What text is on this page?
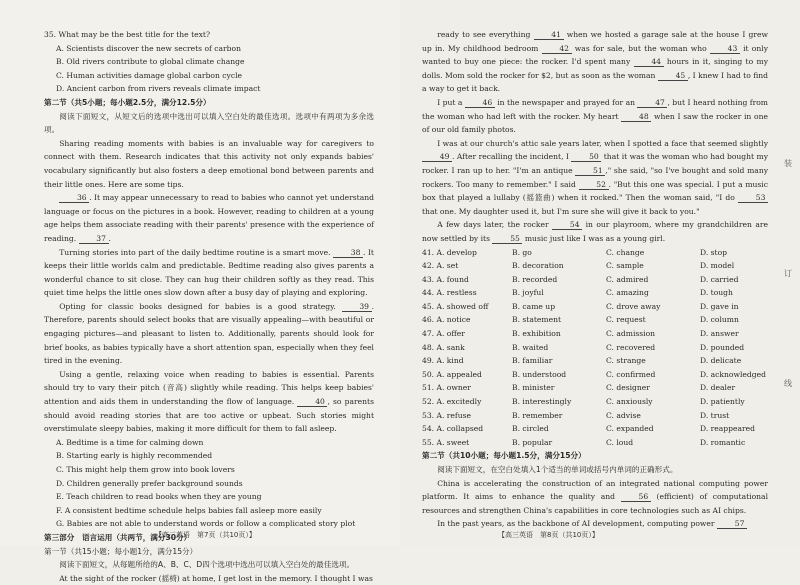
35. What may be the best title for the text?

A. Scientists discover the new secrets of carbon

B. Old rivers contribute to global climate change

C. Human activities damage global carbon cycle

D. Ancient carbon from rivers reveals climate impact

第二节（共5小题；每小题2.5分，满分12.5分）

阅读下面短文，从短文后的选项中选出可以填入空白处的最佳选项。选项中有两项为多余选项。

Sharing reading moments with babies is an invaluable way for caregivers to connect with them. Research indicates that this activity not only expands babies' vocabulary significantly but also fosters a deep emotional bond between parents and their little ones. Here are some tips.

36 . It may appear unnecessary to read to babies who cannot yet understand language or focus on the pictures in a book. However, reading to children at a young age helps them associate reading with their parents' presence with the experience of reading.	37 .

Turning stories into part of the daily bedtime routine is a smart move.	38 . It keeps their little worlds calm and predictable. Bedtime reading also gives parents a wonderful chance to sit close. They can hug their children softly as they read. This quiet time helps the little ones slow down after a busy day of playing and exploring.

Opting for classic books designed for babies is a good strategy.	39 . Therefore, parents should select books that are visually appealing—with beautiful or engaging pictures—and pleasant to listen to. Additionally, parents should look for brief books, as babies typically have a short attention span, especially when they feel tired in the evening.

Using a gentle, relaxing voice when reading to babies is essential. Parents should try to vary their pitch (音高) slightly while reading. This helps keep babies' attention and aids them in understanding the flow of language.	40 , so parents should avoid reading stories that are too active or upbeat. Such stories might overstimulate sleepy babies, making it more difficult for them to fall asleep.

A. Bedtime is a time for calming down

B. Starting early is highly recommended

C. This might help them grow into book lovers

D. Children generally prefer background sounds

E. Teach children to read books when they are young

F. A consistent bedtime schedule helps babies fall asleep more easily

G. Babies are not able to understand words or follow a complicated story plot

第三部分　语言运用（共两节，满分30分）

第一节（共15小题；每小题1分，满分15分）

阅读下面短文，从每题所给的A、B、C、D四个选项中选出可以填入空白处的最佳选项。

At the sight of the rocker (摇椅) at home, I get lost in the memory. I thought I was

【高三英语　第7页（共10页）】

ready to see everything 41 when we hosted a garage sale at the house I grew up in. My childhood bedroom 42 was for sale, but the woman who 43 it only wanted to buy one piece: the rocker. I'd spent many 44 hours in it, singing to my dolls. Mom sold the rocker for $2, but as soon as the woman 45 , I knew I had to find a way to get it back.

I put a 46 in the newspaper and prayed for an 47 , but I heard nothing from the woman who had left with the rocker. My heart 48 when I saw the rocker in one of our old family photos.

I was at our church's attic sale years later, when I spotted a face that seemed slightly 49 . After recalling the incident, I 50 that it was the woman who had bought my rocker. I ran up to her. "I'm an antique 51 ," she said, "so I've bought and sold many rockers. Too many to remember." I said 52 . "But this one was special. I put a music box that played a lullaby (摇篮曲) when it rocked." Then the woman said, "I do 53 that one. My daughter used it, but I'm sure she will give it back to you."

A few days later, the rocker 54 in our playroom, where my grandchildren are now settled by its 55 music just like I was as a young girl.

41. A. develop	B. go	C. change	D. stop
42. A. set	B. decoration	C. sample	D. model
43. A. found	B. recorded	C. admired	D. carried
44. A. restless	B. joyful	C. amazing	D. tough
45. A. showed off	B. came up	C. drove away	D. gave in
46. A. notice	B. statement	C. request	D. column
47. A. offer	B. exhibition	C. admission	D. answer
48. A. sank	B. waited	C. recovered	D. pounded
49. A. kind	B. familiar	C. strange	D. delicate
50. A. appealed	B. understood	C. confirmed	D. acknowledged
51. A. owner	B. minister	C. designer	D. dealer
52. A. excitedly	B. interestingly	C. anxiously	D. patiently
53. A. refuse	B. remember	C. advise	D. trust
54. A. collapsed	B. circled	C. expanded	D. reappeared
55. A. sweet	B. popular	C. loud	D. romantic

第二节（共10小题；每小题1.5分，满分15分）

阅读下面短文，在空白处填入1个适当的单词或括号内单词的正确形式。

China is accelerating the construction of an integrated national computing power platform. It aims to enhance the quality and 56 (efficient) of computational resources and strengthen China's capabilities in core technologies such as AI chips.

In the past years, as the backbone of AI development, computing power 57

【高三英语　第8页（共10页）】
装
订
线
